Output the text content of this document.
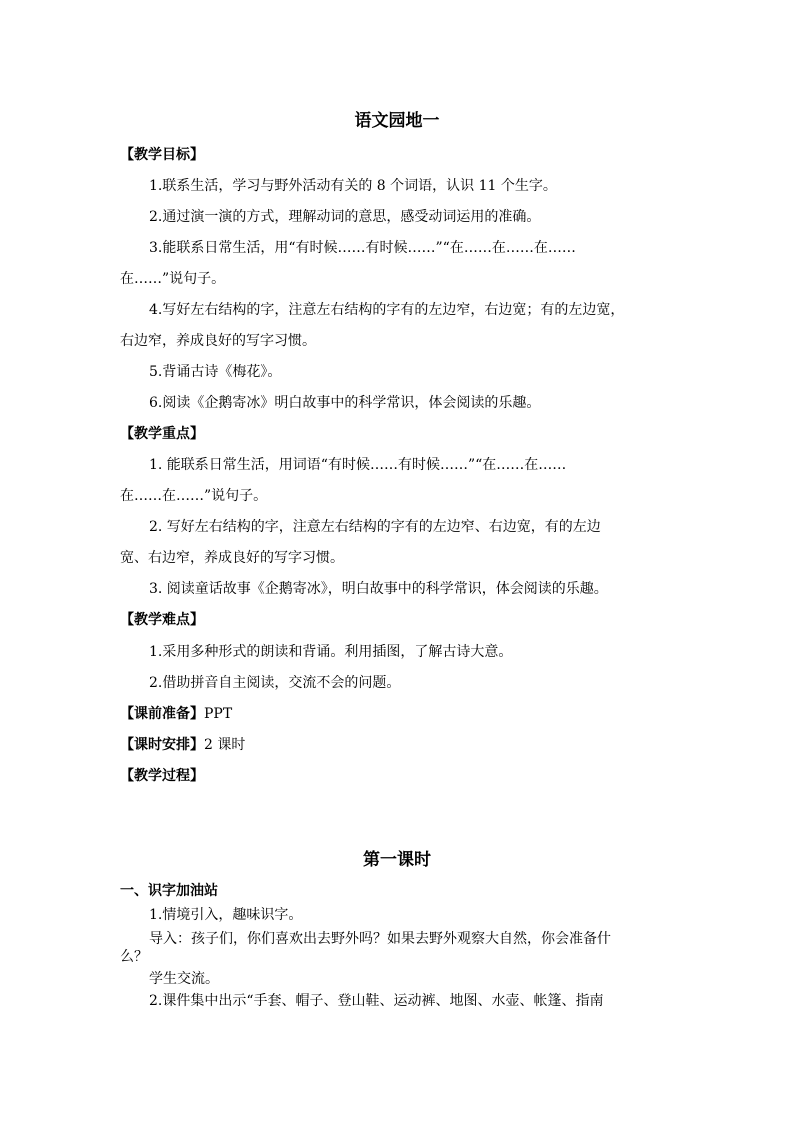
语文园地一
【教学目标】
1.联系生活，学习与野外活动有关的 8 个词语，认识 11 个生字。
2.通过演一演的方式，理解动词的意思，感受动词运用的准确。
3.能联系日常生活，用“有时候……有时候……”“在……在……在……
在……”说句子。
4.写好左右结构的字，注意左右结构的字有的左边窄，右边宽；有的左边宽，
右边窄，养成良好的写字习惯。
5.背诵古诗《梅花》。
6.阅读《企鹅寄冰》明白故事中的科学常识，体会阅读的乐趣。
【教学重点】
1. 能联系日常生活，用词语“有时候……有时候……”“在……在……
在……在……”说句子。
2. 写好左右结构的字，注意左右结构的字有的左边窄、右边宽，有的左边
宽、右边窄，养成良好的写字习惯。
3. 阅读童话故事《企鹅寄冰》，明白故事中的科学常识，体会阅读的乐趣。
【教学难点】
1.采用多种形式的朗读和背诵。利用插图，了解古诗大意。
2.借助拼音自主阅读，交流不会的问题。
【课前准备】PPT
【课时安排】2 课时
【教学过程】
第一课时
一、识字加油站
1.情境引入，趣味识字。
导入：孩子们，你们喜欢出去野外吗？如果去野外观察大自然，你会准备什
么？
学生交流。
2.课件集中出示“手套、帽子、登山鞋、运动裤、地图、水壶、帐篷、指南
